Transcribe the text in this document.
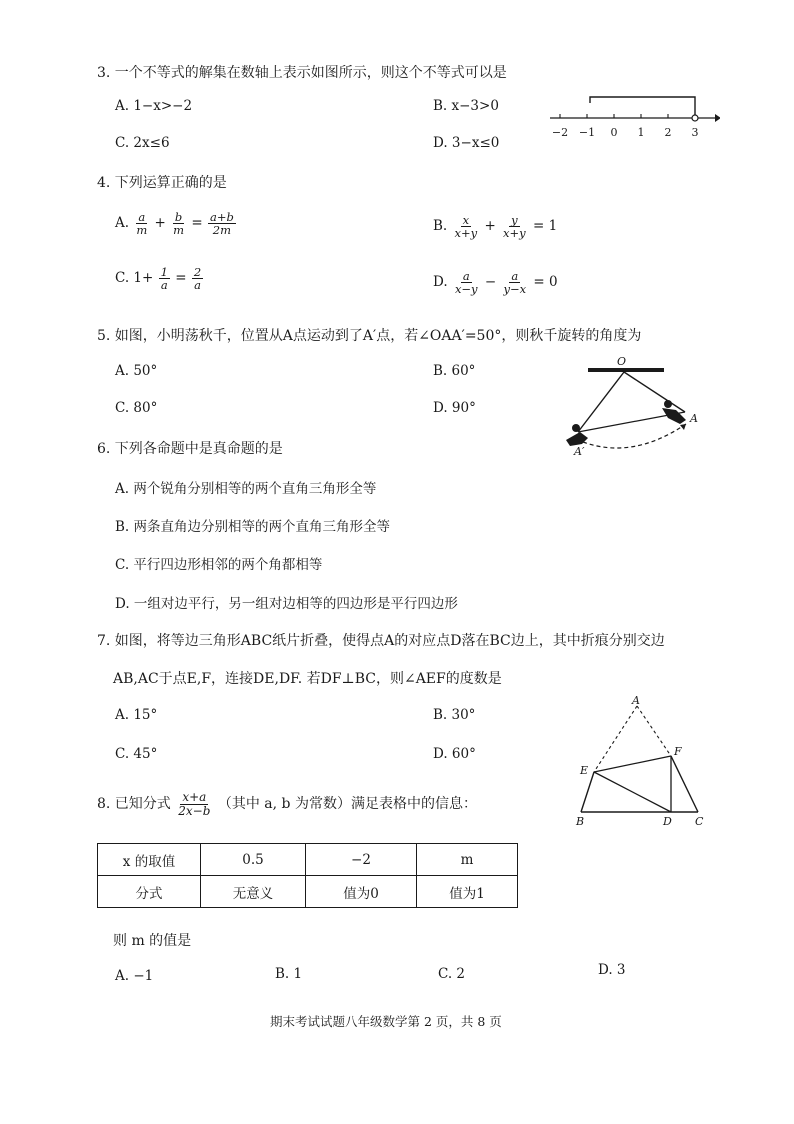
3. 一个不等式的解集在数轴上表示如图所示，则这个不等式可以是
A. 1−x>−2	B. x−3>0
C. 2x≤6	D. 3−x≤0
−2 −1 0 1 2 3
4. 下列运算正确的是
A. $\frac{a}{m} + \frac{b}{m} = \frac{a+b}{2m}$	B. $\frac{x}{x+y} + \frac{y}{x+y} = 1$
C. $1+ \frac{1}{a} = \frac{2}{a}$	D. $\frac{a}{x-y} - \frac{a}{y-x} = 0$
5. 如图，小明荡秋千，位置从A点运动到了A′点，若∠OAA′=50°，则秋千旋转的角度为
A. 50°	B. 60°
C. 80°	D. 90°
O
A
A′
6. 下列各命题中是真命题的是
A. 两个锐角分别相等的两个直角三角形全等
B. 两条直角边分别相等的两个直角三角形全等
C. 平行四边形相邻的两个角都相等
D. 一组对边平行，另一组对边相等的四边形是平行四边形
7. 如图，将等边三角形ABC纸片折叠，使得点A的对应点D落在BC边上，其中折痕分别交边
AB,AC于点E,F，连接DE,DF. 若DF⊥BC，则∠AEF的度数是
A. 15°	B. 30°
C. 45°	D. 60°
A
B	C
D
E
F
8. 已知分式 $\frac{x+a}{2x-b}$ （其中 a, b 为常数）满足表格中的信息：
x 的取值	0.5	−2	m
分式	无意义	值为0	值为1
则 m 的值是
A. −1	B. 1	C. 2	D. 3
期末考试试题八年级数学第 2 页，共 8 页
